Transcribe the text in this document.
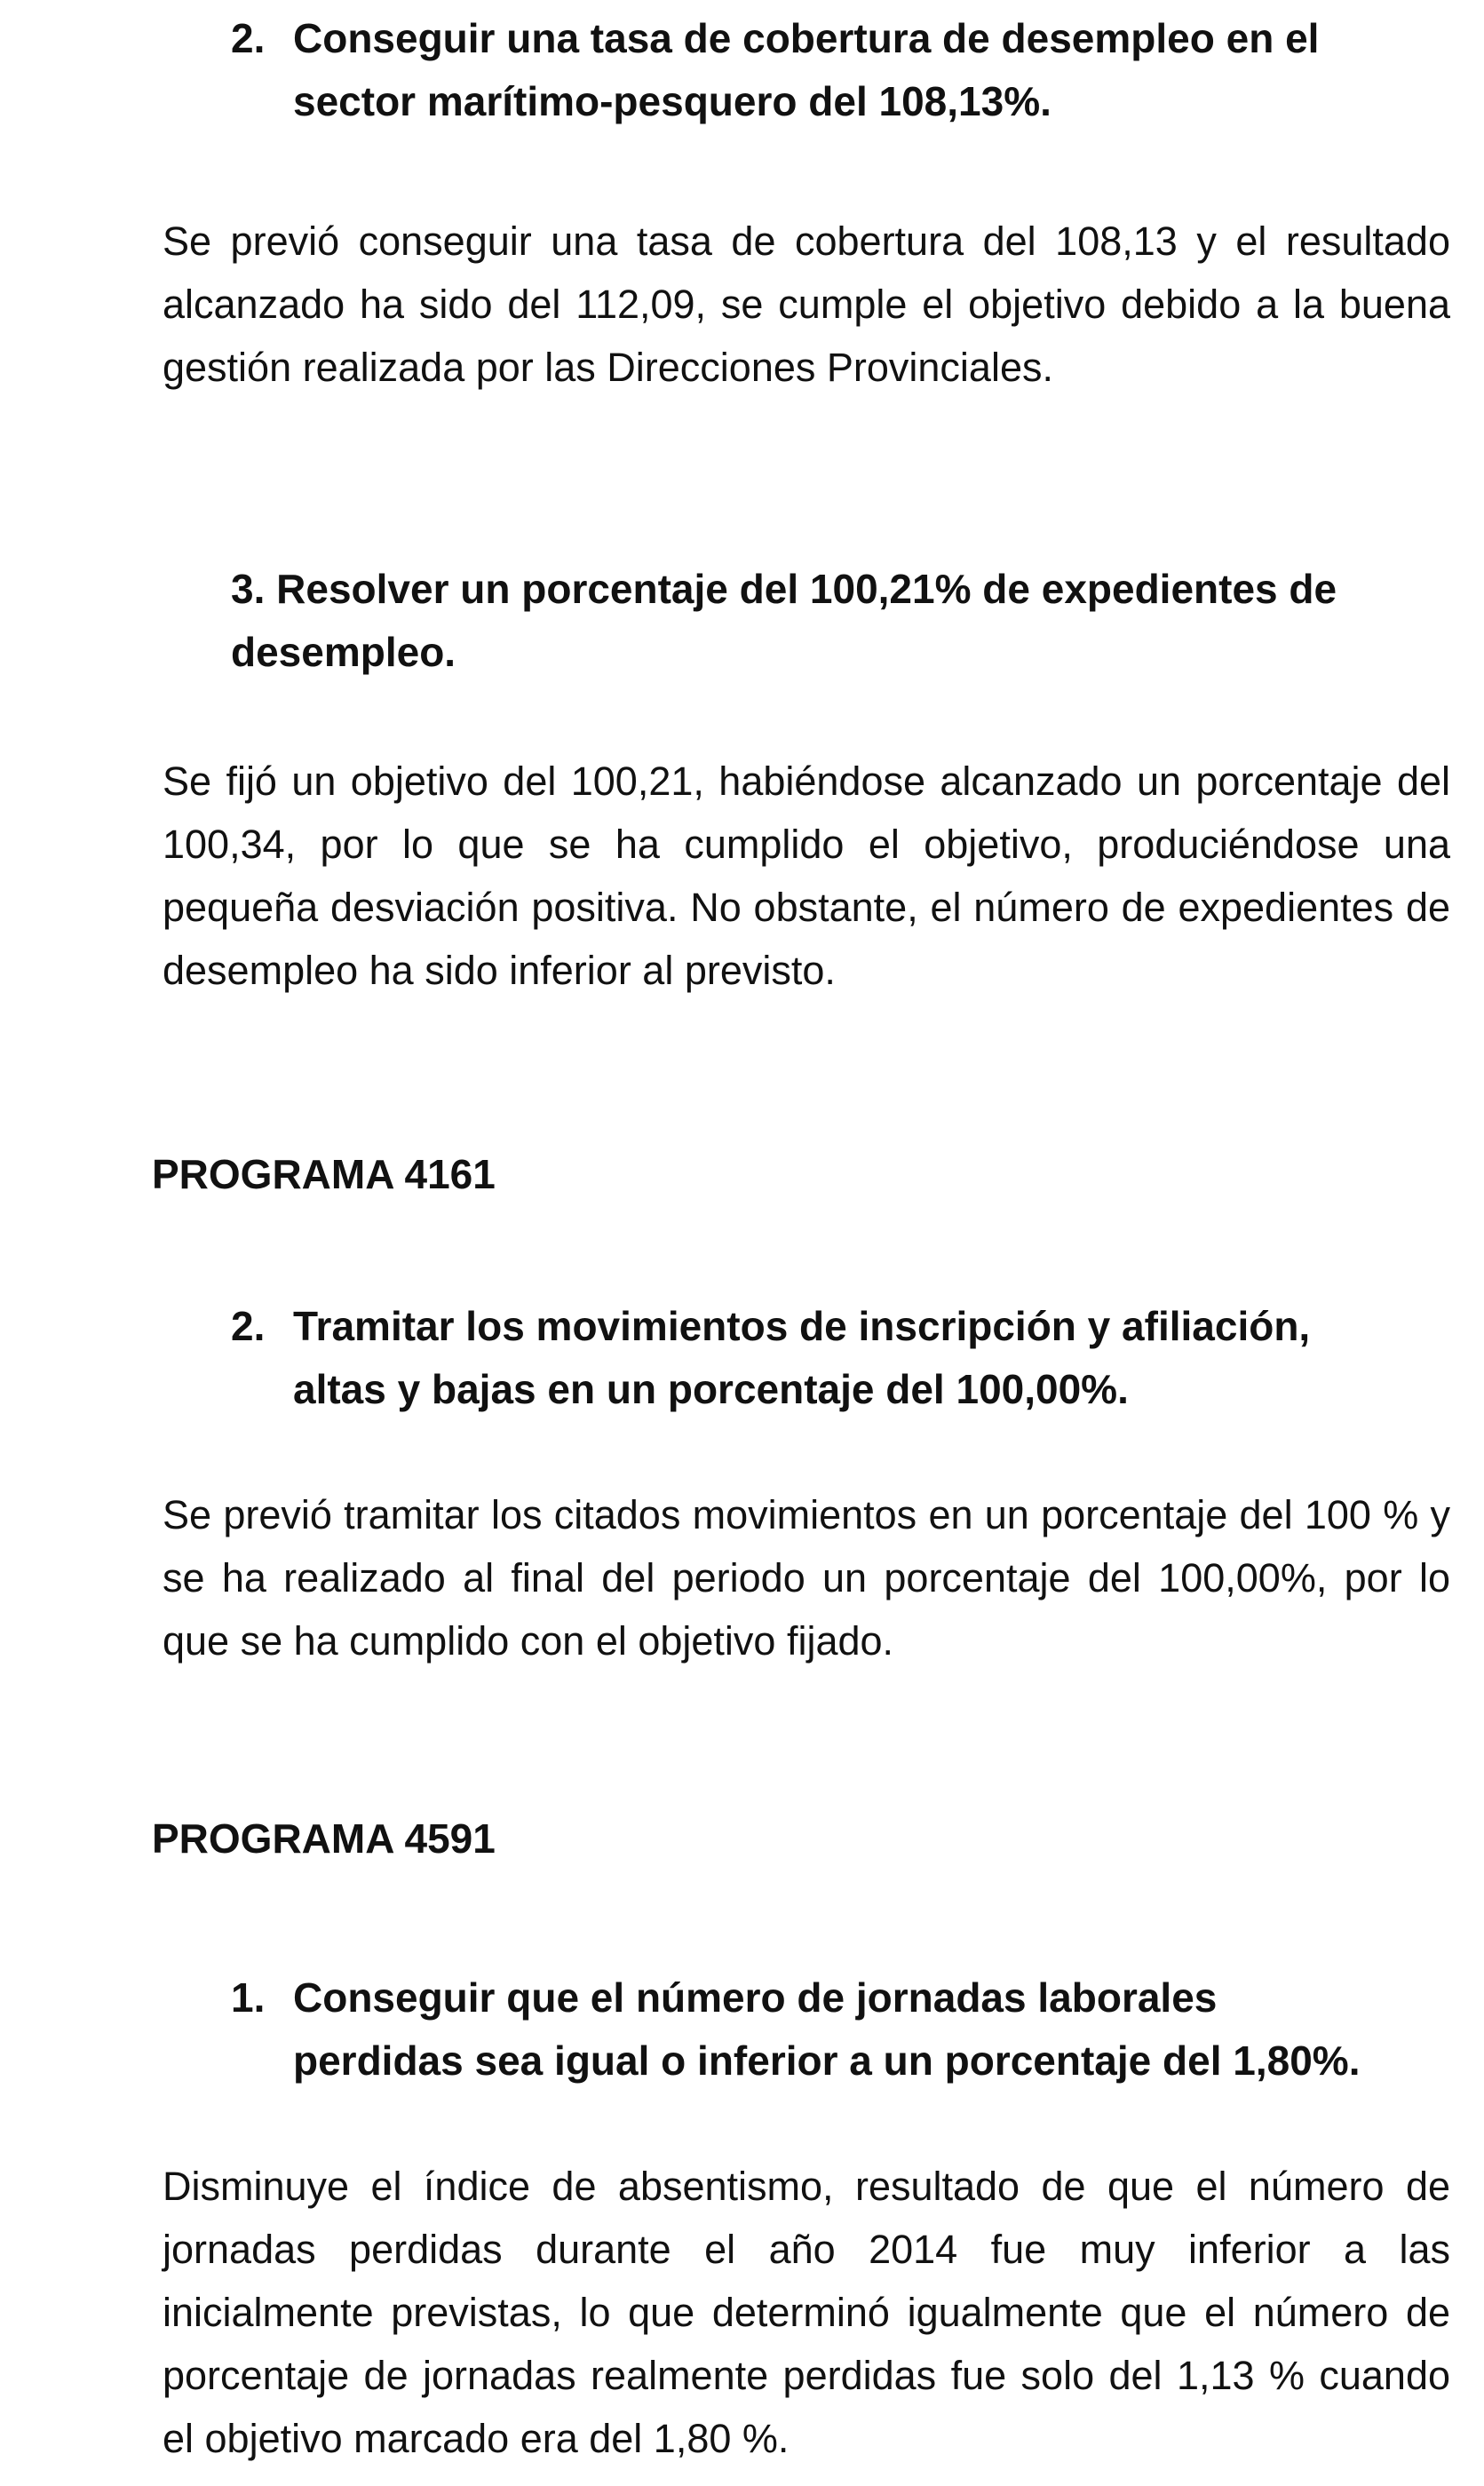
2. Conseguir una tasa de cobertura de desempleo en el
sector marítimo-pesquero del 108,13%.
Se previó conseguir una tasa de cobertura del 108,13 y el resultado alcanzado ha sido del 112,09, se cumple el objetivo debido a la buena gestión realizada por las Direcciones Provinciales.
3. Resolver un porcentaje del 100,21% de expedientes de
desempleo.
Se fijó un objetivo del 100,21, habiéndose alcanzado un porcentaje del 100,34, por lo que se ha cumplido el objetivo, produciéndose una pequeña desviación positiva. No obstante, el número de expedientes de desempleo ha sido inferior al previsto.
PROGRAMA 4161
2. Tramitar los movimientos de inscripción y afiliación,
altas y bajas en un porcentaje del 100,00%.
Se previó tramitar los citados movimientos en un porcentaje del 100 % y se ha realizado al final del periodo un porcentaje del 100,00%, por lo que se ha cumplido con el objetivo fijado.
PROGRAMA 4591
1. Conseguir que el número de jornadas laborales
perdidas sea igual o inferior a un porcentaje del 1,80%.
Disminuye el índice de absentismo, resultado de que el número de jornadas perdidas durante el año 2014 fue muy inferior a las inicialmente previstas, lo que determinó igualmente que el número de porcentaje de jornadas realmente perdidas fue solo del 1,13 % cuando el objetivo marcado era del 1,80 %.
